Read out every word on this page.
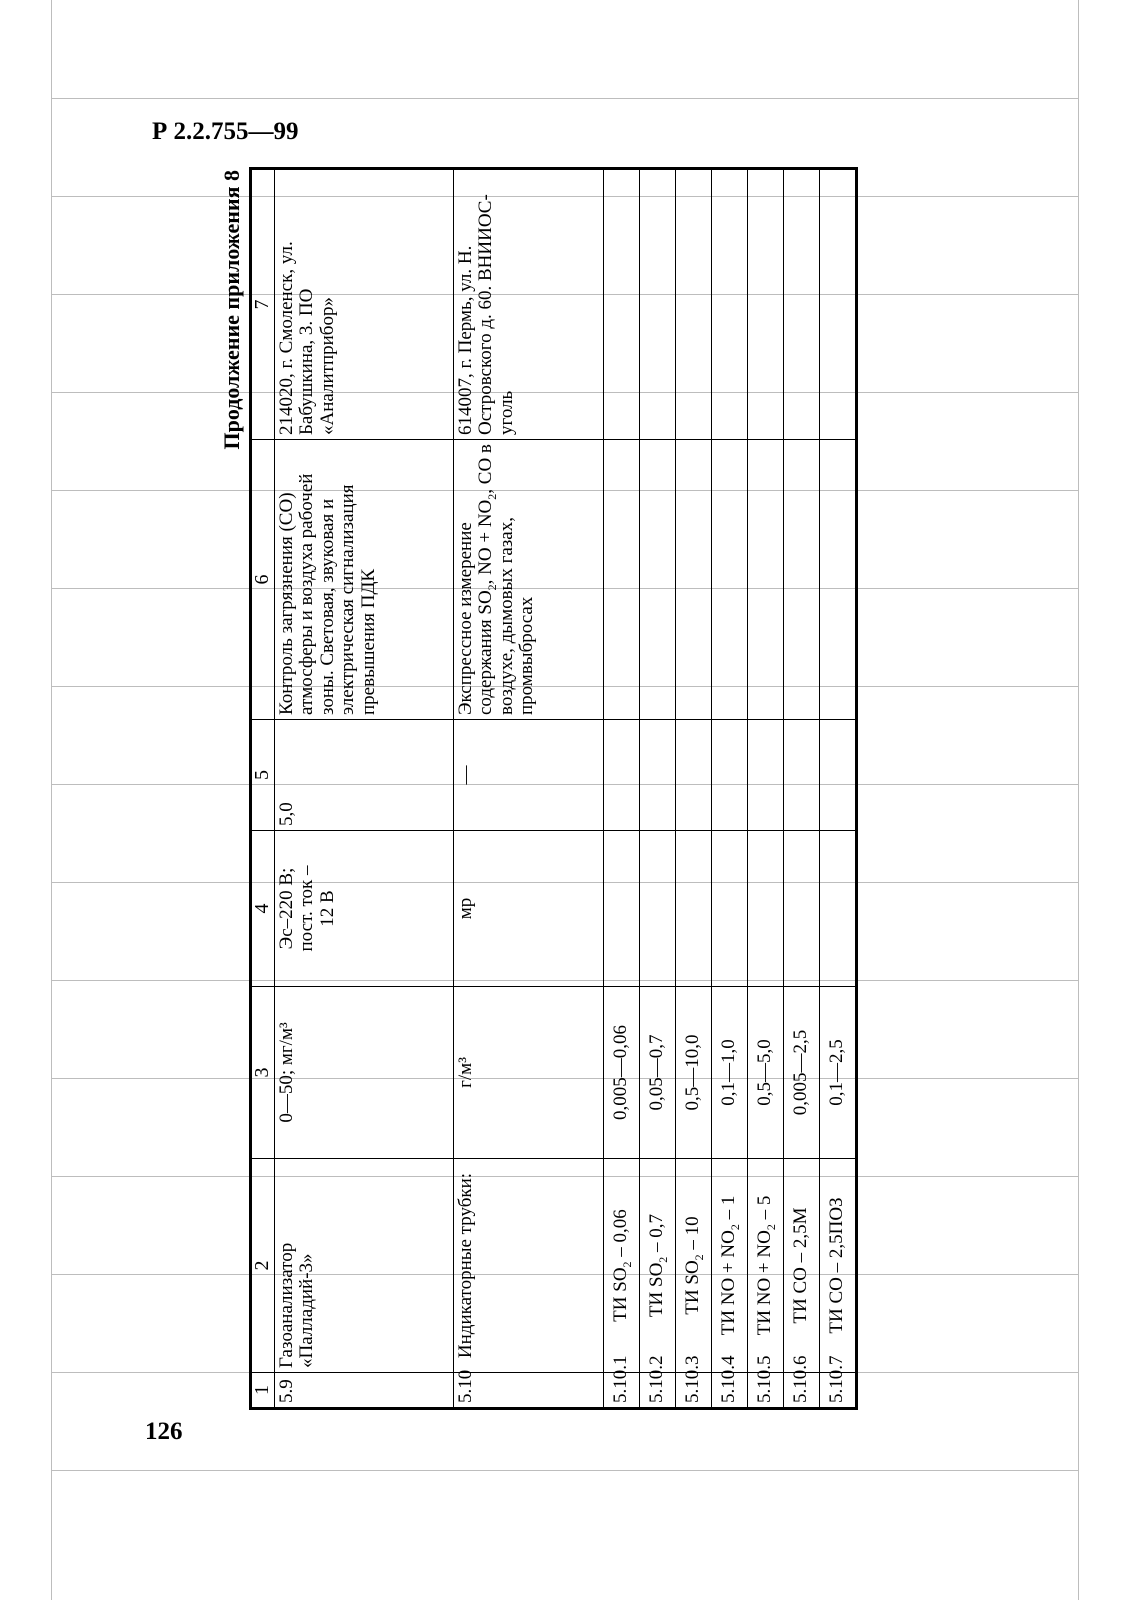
Р 2.2.755—99
126
Продолжение приложения 8
1	2	3	4	5	6	7
5.9	Газоанализатор «Палладий-3»	0—50; мг/м³	Эс–220 В;
пост. ток –
12 В	5,0	Контроль загрязнения (СО) атмосферы и воздуха рабочей зоны. Световая, звуковая и электрическая сигнализация превышения ПДК	214020, г. Смоленск, ул. Бабушкина, 3. ПО «Аналитприбор»
5.10	Индикаторные трубки:	г/м³	мр	—	Экспрессное измерение содержания $SO_2$, NO + $NO_2$, CO в воздухе, дымовых газах, промвыбросах	614007, г. Пермь, ул. Н. Островского д. 60. ВНИИОС-уголь
5.10.1	ТИ $SO_2 - 0,06$	0,005—0,06				
5.10.2	ТИ $SO_2 - 0,7$	0,05—0,7				
5.10.3	ТИ $SO_2 - 10$	0,5—10,0				
5.10.4	ТИ NO + $NO_2 - 1$	0,1—1,0				
5.10.5	ТИ NO + $NO_2 - 5$	0,5—5,0				
5.10.6	ТИ CO – 2,5M	0,005—2,5				
5.10.7	ТИ CO – 2,5ПОЗ	0,1—2,5				
